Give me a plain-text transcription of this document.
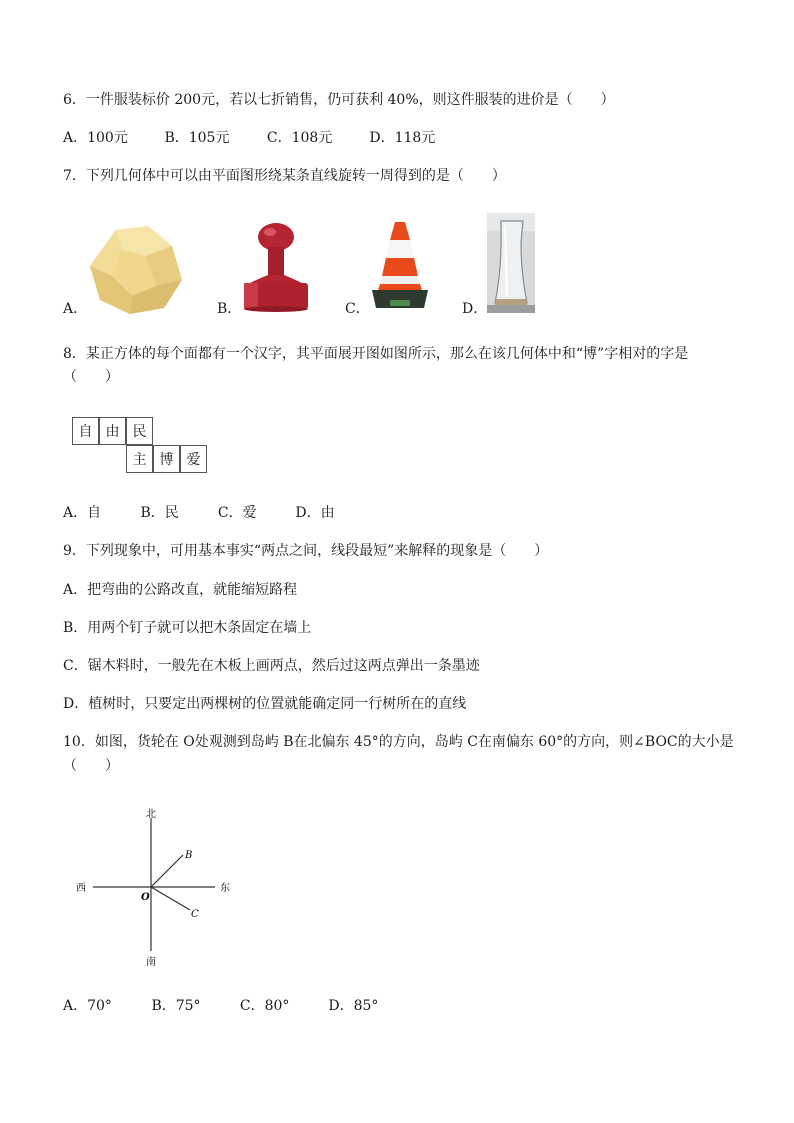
6．一件服装标价 200元，若以七折销售，仍可获利 40%，则这件服装的进价是（　　）
A．100元	B．105元	C．108元	D．118元
7．下列几何体中可以由平面图形绕某条直线旋转一周得到的是（　　）
A．	B．	C．	D．
8．某正方体的每个面都有一个汉字，其平面展开图如图所示，那么在该几何体中和“博”字相对的字是
（　　）
自 由 民
主 博 爱
A．自	B．民	C．爱	D．由
9．下列现象中，可用基本事实“两点之间，线段最短”来解释的现象是（　　）
A．把弯曲的公路改直，就能缩短路程
B．用两个钉子就可以把木条固定在墙上
C．锯木料时，一般先在木板上画两点，然后过这两点弹出一条墨迹
D．植树时，只要定出两棵树的位置就能确定同一行树所在的直线
10．如图，货轮在 O处观测到岛屿 B在北偏东 45°的方向，岛屿 C在南偏东 60°的方向，则∠BOC的大小是
（　　）
北
南
西	东
O
B
C
A．70°	B．75°	C．80°	D．85°
